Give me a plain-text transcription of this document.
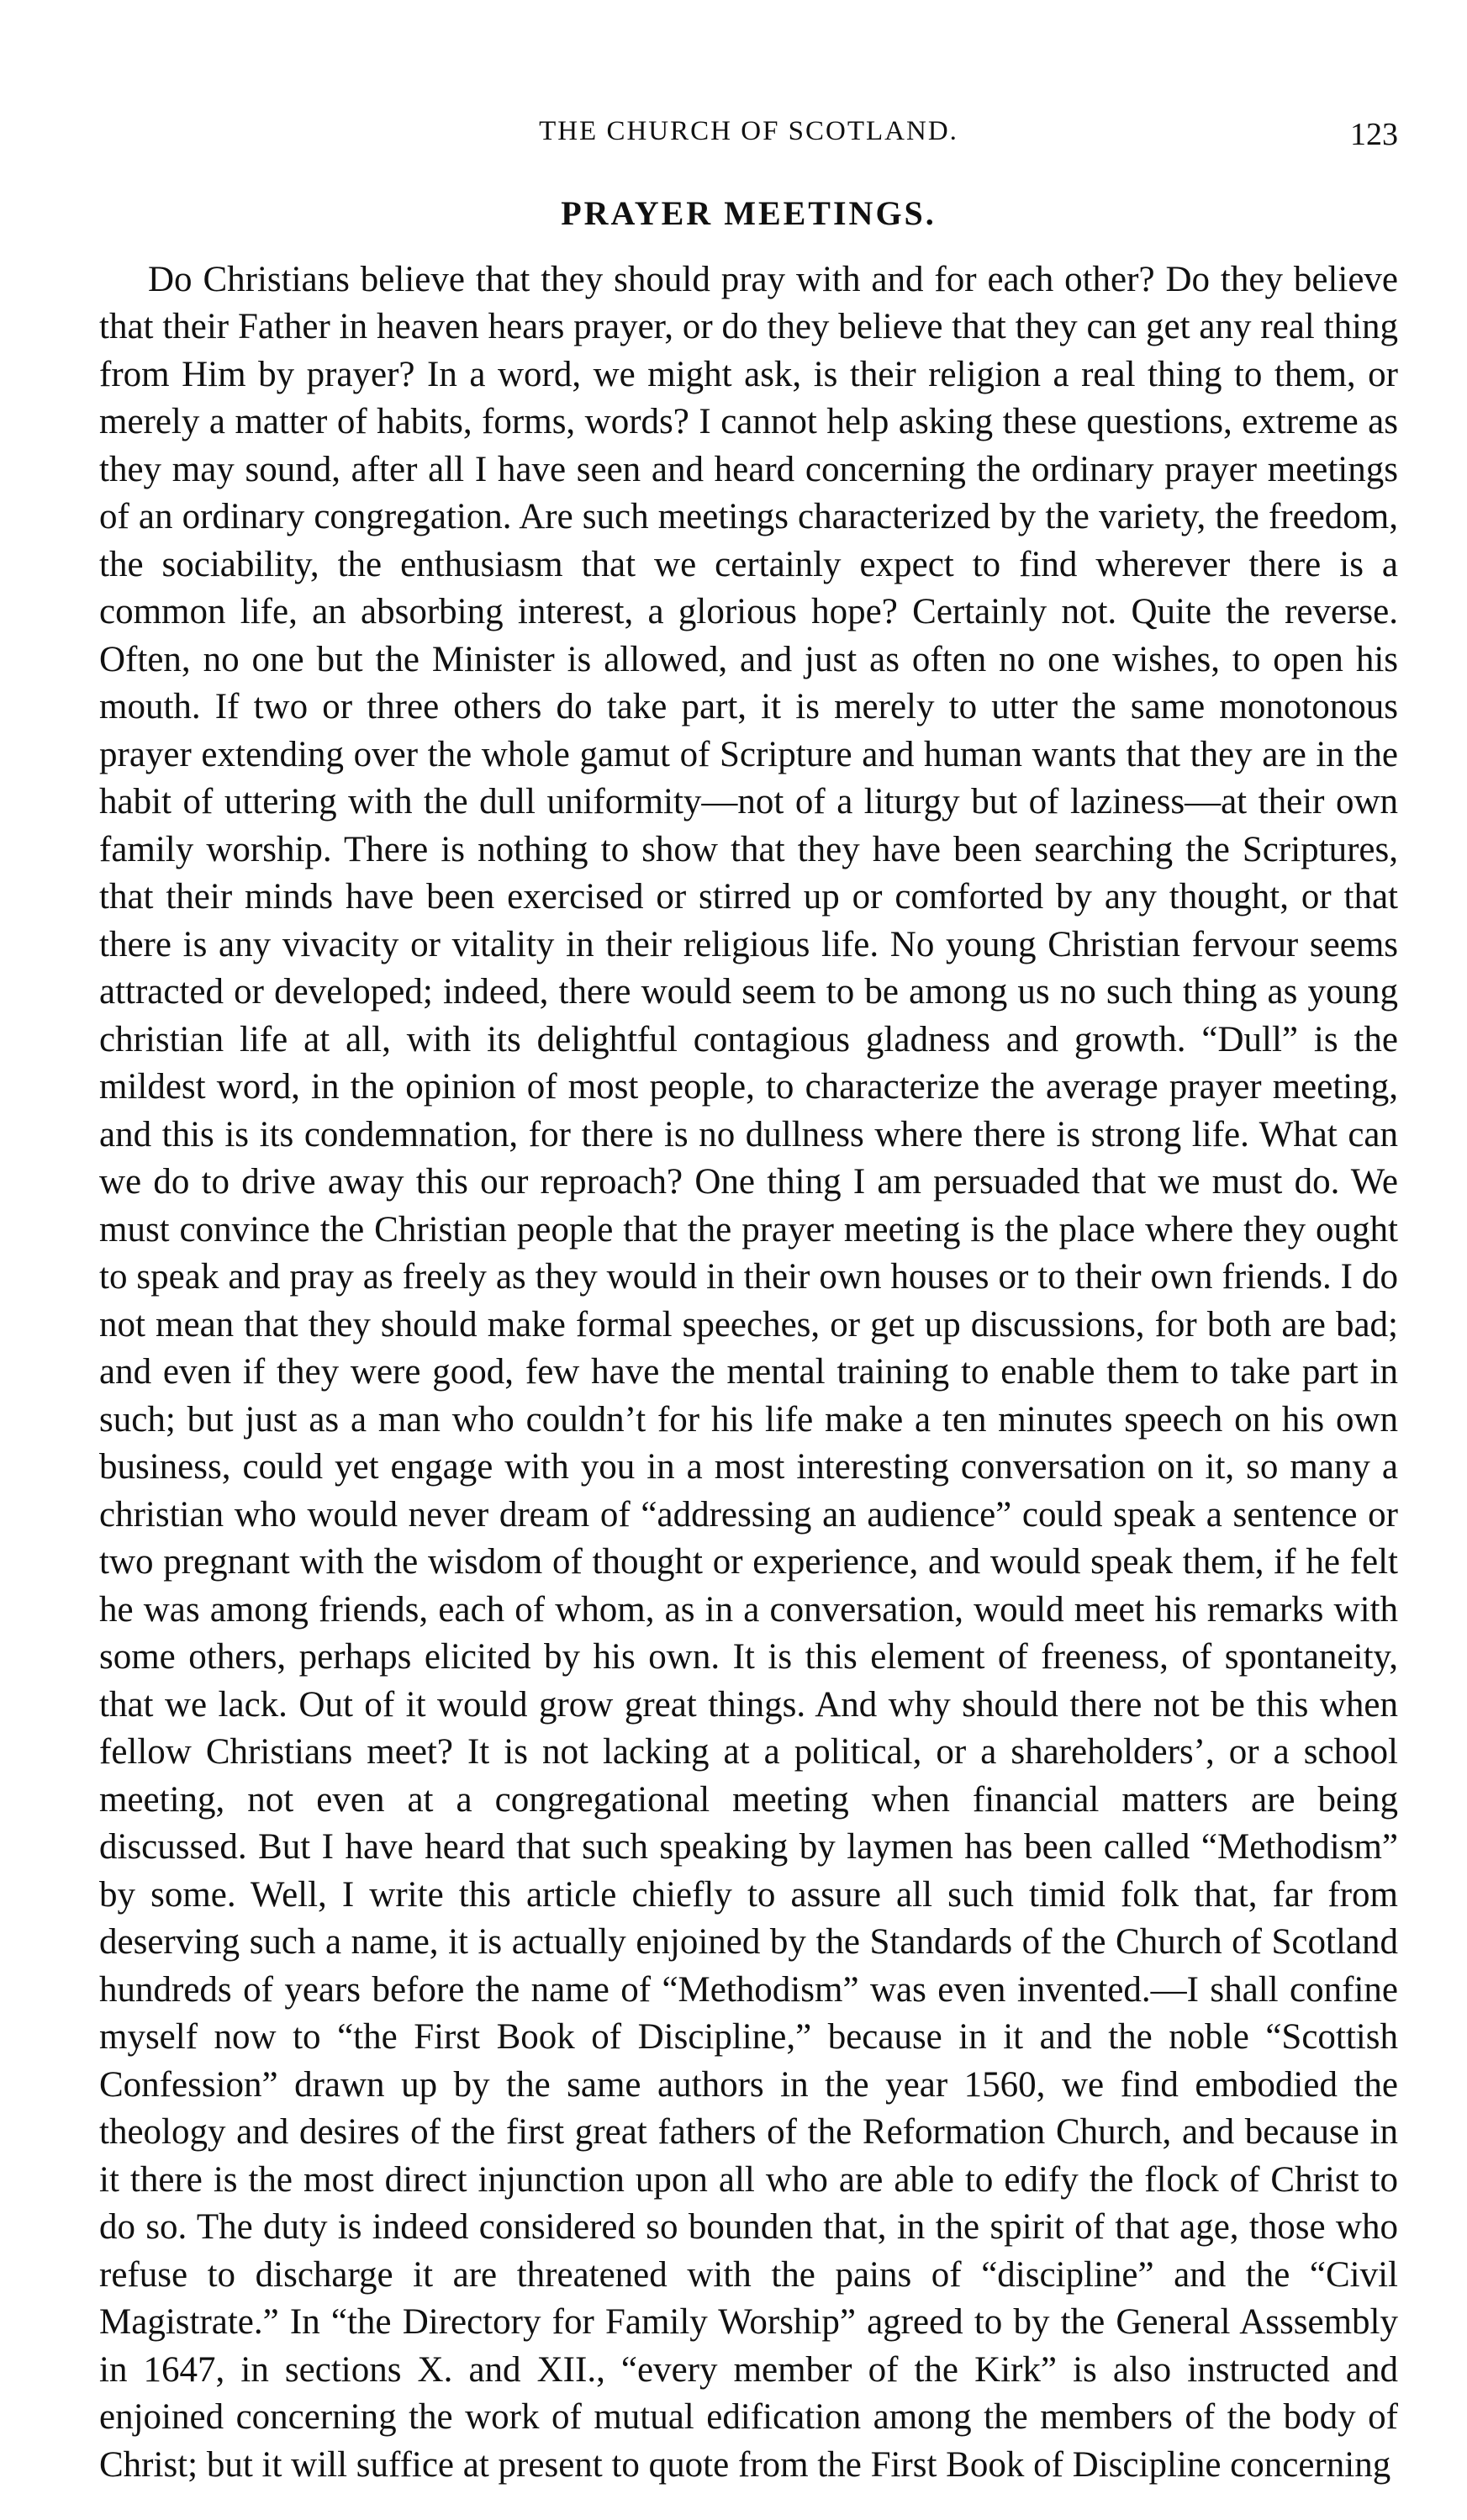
THE CHURCH OF SCOTLAND.	123
PRAYER MEETINGS.

Do Christians believe that they should pray with and for each other? Do they believe that their Father in heaven hears prayer, or do they believe that they can get any real thing from Him by prayer? In a word, we might ask, is their religion a real thing to them, or merely a matter of habits, forms, words? I cannot help asking these questions, extreme as they may sound, after all I have seen and heard concerning the ordinary prayer meetings of an ordinary congregation. Are such meetings characterized by the variety, the freedom, the sociability, the enthusiasm that we certainly expect to find wherever there is a common life, an absorbing interest, a glorious hope? Certainly not. Quite the reverse. Often, no one but the Minister is allowed, and just as often no one wishes, to open his mouth. If two or three others do take part, it is merely to utter the same monotonous prayer extending over the whole gamut of Scripture and human wants that they are in the habit of uttering with the dull uniformity—not of a liturgy but of laziness—at their own family worship. There is nothing to show that they have been searching the Scriptures, that their minds have been exercised or stirred up or comforted by any thought, or that there is any vivacity or vitality in their religious life. No young Christian fervour seems attracted or developed; indeed, there would seem to be among us no such thing as young christian life at all, with its delightful contagious gladness and growth. “Dull” is the mildest word, in the opinion of most people, to characterize the average prayer meeting, and this is its condemnation, for there is no dullness where there is strong life. What can we do to drive away this our reproach? One thing I am persuaded that we must do. We must convince the Christian people that the prayer meeting is the place where they ought to speak and pray as freely as they would in their own houses or to their own friends. I do not mean that they should make formal speeches, or get up discussions, for both are bad; and even if they were good, few have the mental training to enable them to take part in such; but just as a man who couldn’t for his life make a ten minutes speech on his own business, could yet engage with you in a most interesting conversation on it, so many a christian who would never dream of “addressing an audience” could speak a sentence or two pregnant with the wisdom of thought or experience, and would speak them, if he felt he was among friends, each of whom, as in a conversation, would meet his remarks with some others, perhaps elicited by his own. It is this element of freeness, of spontaneity, that we lack. Out of it would grow great things. And why should there not be this when fellow Christians meet? It is not lacking at a political, or a shareholders’, or a school meeting, not even at a congregational meeting when financial matters are being discussed. But I have heard that such speaking by laymen has been called “Methodism” by some. Well, I write this article chiefly to assure all such timid folk that, far from deserving such a name, it is actually enjoined by the Standards of the Church of Scotland hundreds of years before the name of “Methodism” was even invented.—I shall confine myself now to “the First Book of Discipline,” because in it and the noble “Scottish Confession” drawn up by the same authors in the year 1560, we find embodied the theology and desires of the first great fathers of the Reformation Church, and because in it there is the most direct injunction upon all who are able to edify the flock of Christ to do so. The duty is indeed considered so bounden that, in the spirit of that age, those who refuse to discharge it are threatened with the pains of “discipline” and the “Civil Magistrate.” In “the Directory for Family Worship” agreed to by the General Asssembly in 1647, in sections X. and XII., “every member of the Kirk” is also instructed and enjoined concerning the work of mutual edification among the members of the body of Christ; but it will suffice at present to quote from the First Book of Discipline concerning
